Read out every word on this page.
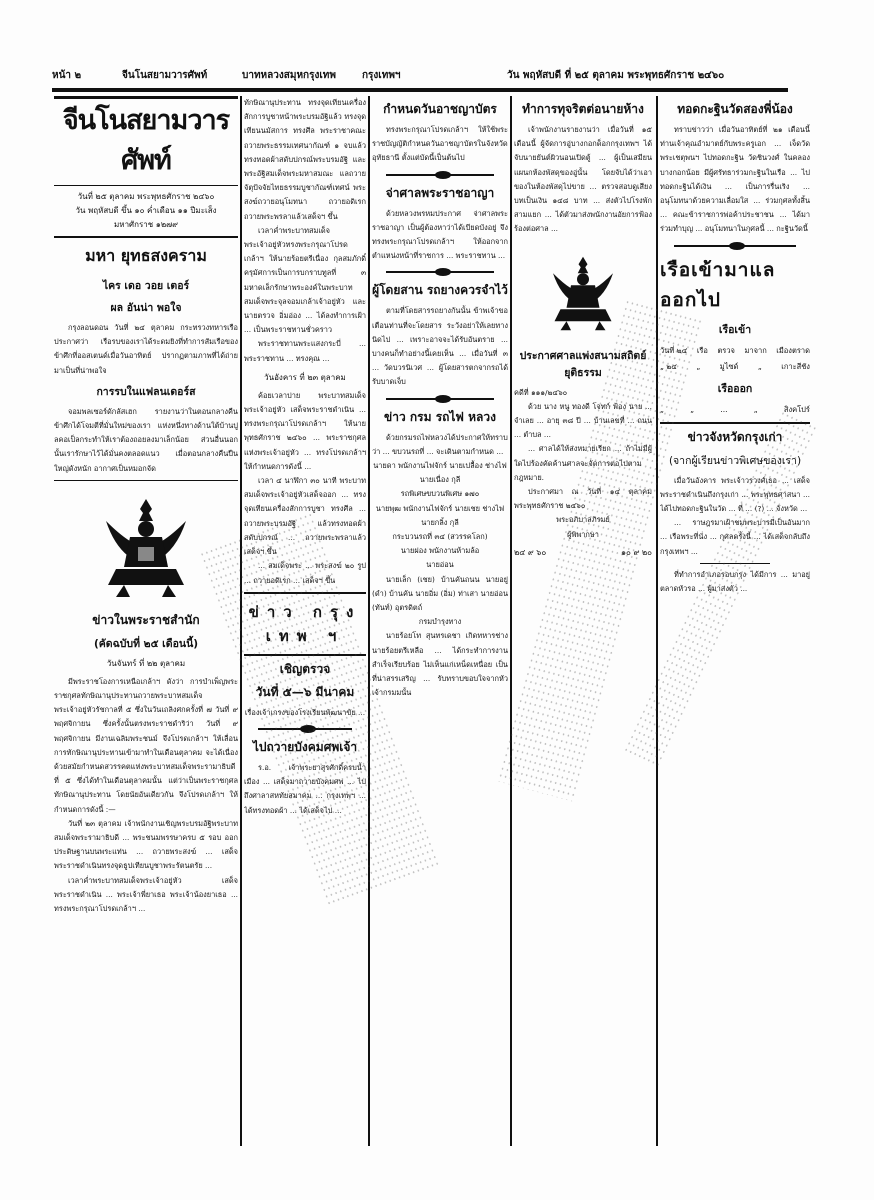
หน้า ๒	จีนโนสยามวารศัพท์	บาทหลวงสมุหกรุงเทพ	กรุงเทพฯ	วัน พฤหัสบดี ที่ ๒๕ ตุลาคม พระพุทธศักราช ๒๔๖๐
จีนโนสยามวารศัพท์
วันที่ ๒๕ ตุลาคม พระพุทธศักราช ๒๔๖๐
วัน พฤหัสบดี ขึ้น ๑๐ ค่ำเดือน ๑๑ ปีมะเส็ง
มหาศักราช ๑๒๗๙
มหา ยุทธสงคราม
ไคร เดอ วอย เตอร์
ผล อันน่า พอใจ

กรุงลอนดอน วันที่ ๒๔ ตุลาคม กระทรวงทหารเรือประกาศว่า เรือรบของเราได้ระดมยิงที่ทำการสัมเรือของข้าศึกที่ออสเตนด์เมื่อวันอาทิตย์ ปรากฏตามภาพที่ได้ถ่ายมาเป็นที่น่าพอใจ

การรบในแฟลนเดอร์ส

จอมพลเซอร์ดักลัสเฮก รายงานว่าในตอนกลางคืนข้าศึกได้โจมตีที่มั่นใหม่ของเรา แห่งหนึ่งทางด้านใต้บ้านปูลคอเป็ลกระทำให้เราต้องถอยลงมาเล็กน้อย ส่วนอื่นนอกนั้นเรารักษาไว้ได้มั่นคงตลอดแนว เมื่อตอนกลางคืนปืนใหญ่ดังหนัก อากาศเป็นหมอกจัด

ข่าวในพระราชสำนัก
(คัดฉบับที่ ๒๕ เดือนนี้)
วันจันทร์ ที่ ๒๒ ตุลาคม

มีพระราชโองการเหนือเกล้าฯ ดังว่า การบำเพ็ญพระราชกุศลทักษิณานุประทานถวายพระบาทสมเด็จพระเจ้าอยู่หัวรัชกาลที่ ๕ ซึ่งในวันเถลิงศกครั้งที่ ๗ วันที่ ๙ พฤศจิกายน ซึ่งครั้งนั้นตรงพระราชดำริว่า วันที่ ๙ พฤศจิกายน มีงานเฉลิมพระชนม์ จึงโปรดเกล้าฯ ให้เลื่อนการทักษิณานุประทานเข้ามาทำในเดือนตุลาคม จะได้เนื่องด้วยสมัยกำหนดสวรรคตแห่งพระบาทสมเด็จพระรามาธิบดีที่ ๕ ซึ่งได้ทำในเดือนตุลาคมนั้น แต่ว่าเป็นพระราชกุศลทักษิณานุประทาน โดยนัยอันเดียวกัน จึงโปรดเกล้าฯ ให้กำหนดการดังนี้ :—

วันที่ ๒๓ ตุลาคม เจ้าพนักงานเชิญพระบรมอัฐิพระบาทสมเด็จพระรามาธิบดี ... พระชนมพรรษาครบ ๕ รอบ ออกประดิษฐานบนพระแท่น ... ถวายพระสงฆ์ ... เสด็จพระราชดำเนินทรงจุดธูปเทียนบูชาพระรัตนตรัย ...

เวลาค่ำพระบาทสมเด็จพระเจ้าอยู่หัว เสด็จพระราชดำเนิน ... พระเจ้าพี่ยาเธอ พระเจ้าน้องยาเธอ ... ทรงพระกรุณาโปรดเกล้าฯ ...

ทักษิณานุประทาน ทรงจุดเทียนเครื่องสักการบูชาหน้าพระบรมอัฐิแล้ว ทรงจุดเทียนนมัสการ ทรงศีล พระราชาคณะถวายพระธรรมเทศนากัณฑ์ ๑ จบแล้ว ทรงทอดผ้าสดับปกรณ์พระบรมอัฐิ และพระอัฐิสมเด็จพระมหาสมณะ แลถวายจัตุปัจจัยไทยธรรมบูชากัณฑ์เทศน์ พระสงฆ์ถวายอนุโมทนา ถวายอดิเรก ถวายพระพรลาแล้วเสด็จฯ ขึ้น

เวลาค่ำพระบาทสมเด็จพระเจ้าอยู่หัวทรงพระกรุณาโปรดเกล้าฯ ให้นายร้อยตรีเนื่อง กุลสมภักดิ์ ครุมัศการเป็นการบกราบทูลที่ ๓ มหาดเล็กรักษาพระองค์ในพระบาทสมเด็จพระจุลจอมเกล้าเจ้าอยู่หัว และนายตรวจ อิ่มอ่อง ... ได้ลงทำการเฝ้า ... เป็นพระราชทานชั่วคราว

พระราชทานพระแสงกระบี่ ... พระราชทาน ... ทรงคุณ ...

วันอังคาร ที่ ๒๓ ตุลาคม

ค้อยเวลาบ่าย พระบาทสมเด็จพระเจ้าอยู่หัว เสด็จพระราชดำเนิน ... ทรงพระกรุณาโปรดเกล้าฯ ให้นายพุทธศักราช ๒๔๖๐ ... พระราชกุศลแห่งพระเจ้าอยู่หัว ... ทรงโปรดเกล้าฯ ให้กำหนดการดังนี้ ...

เวลา ๔ นาฬิกา ๓๐ นาที พระบาทสมเด็จพระเจ้าอยู่หัวเสด็จออก ... ทรงจุดเทียนเครื่องสักการบูชา ทรงศีล ... ถวายพระบรมอัฐิ แล้วทรงทอดผ้าสดับปกรณ์ ... ถวายพระพรลาแล้วเสด็จฯ ขึ้น

... สมเด็จพระ ... พระสงฆ์ ๒๐ รูป ... ถวายอดิเรก ... เสด็จฯ ขึ้น

ข่าว กรุง เทพ ฯ
เชิญตรวจ
วันที่ ๕—๖ มีนาคม

เรื่องเจ้าเกรงของโรงเรียนพัฒนาขัย ...

ไปถวายบังคมศพเจ้า

ร.อ. เจ้าพระยาสุรศักดิ์ครบน้ำเมือง ... เสด็จมาถวายบังคมศพ ... ไปถึงศาลาสหทัยสมาคม ... กรุงเทพฯ ... ได้ทรงทอดผ้า ... ได้เสด็จไป ...

กำหนดวันอาชญาบัตร

ทรงพระกรุณาโปรดเกล้าฯ ให้ใช้พระราชบัญญัติกำหนดวันอาชญาบัตรในจังหวัดอุทัยธานี ตั้งแต่บัดนี้เป็นต้นไป

จ่าศาลพระราชอาญา

ด้วยหลวงพรหมประกาศ จ่าศาลพระราชอาญา เป็นผู้ต้องหาว่าได้เบียดบังอยู่ จึงทรงพระกรุณาโปรดเกล้าฯ ให้ออกจากตำแหน่งหน้าที่ราชการ ... พระราชทาน ...

ผู้โดยสาน รถยางควรจำไว้

ตามที่โดยสารรถยางกันนั้น ข้าพเจ้าขอเตือนท่านที่จะโดยสาร ระวังอย่าให้เลยทางนิดไป ... เพราะอาจจะได้รับอันตราย ... บางคนก็ทำอย่างนี้เคยเห็น ... เมื่อวันที่ ๓ ... วัดบวรนิเวศ ... ผู้โดยสารตกจากรถได้รับบาดเจ็บ

ข่าว กรม รถไฟ หลวง

ด้วยกรมรถไฟหลวงได้ประกาศให้ทราบว่า ... ขบวนรถที่ ... จะเดินตามกำหนด ...

นายดา พนักงานไฟจักร์ นายเปลื้อง ช่างไฟ นายเนื่อง กุลี

รถพิเศษขบวนพิเศษ ๑๗๐

นายพุฒ พนักงานไฟจักร์ นายเชย ช่างไฟ นายกลิ้ง กุลี

กระบวนรถที่ ๓๔ (สวรรคโลก)

นายผ่อง พนักงานห้ามล้อ

นายอ่อน

นายเล็ก (เชย) บ้านคันถนน นายอยู่ (ดำ) บ้านคัน นายอิ่ม (อิ่ม) ท่าเสา นายอ่อน (ทันท์) อุตรดิตถ์

กรมบำรุงทาง

นายร้อยโท สุนทรเดชา เกิดทหารช่าง นายร้อยตรีเหลือ ... ได้กระทำการงานสำเร็จเรียบร้อย ไม่เห็นแก่เหน็ดเหนื่อย เป็นที่น่าสรรเสริญ ... รับทราบขอบใจจากหัวเจ้ากรมมนั้น

ทำการทุจริตต่อนายห้าง

เจ้าพนักงานรายงานว่า เมื่อวันที่ ๑๕ เดือนนี้ ผู้จัดการอู่บางกอกด็อกกรุงเทพฯ ได้จับนายยันต์ผิวนอนเปิดตู้ ... ผู้เป็นเสมียนแผนกห้องพัสดุของอู่นั้น โดยจับได้ว่าเอาของในห้องพัสดุไปขาย ... ตรวจสอบดูเสียงบทเป็นเงิน ๑๔๘ บาท ... ส่งตัวไปโรงพักสามแยก ... ได้ตัวมาส่งพนักงานอัยการฟ้องร้องต่อศาล ...

ประกาศศาลแพ่งสนามสถิตย์ยุติธรรม

คดีที่ ๑๑๑/๒๔๖๐

ด้วย นาง หนู ทองดี โจทก์ ฟ้อง นาย ... จำเลย ... อายุ ๓๘ ปี ... บ้านเลขที่ ... ถนน ... ตำบล ...

... ศาลได้ให้ส่งหมายเรียก ... ถ้าไม่มีผู้ใดไปร้องคัดค้านศาลจะจัดการต่อไปตามกฎหมาย.

ประกาศมา ณ วันที่ ๑๔ ตุลาคม พระพุทธศักราช ๒๔๖๐

พระอภิบาลภิรมย์

ผู้พิพากษา

๒๔ ๙ ๖๐	๑๐ ๙ ๒๐
ทอดกะฐินวัดสองพี่น้อง

ทราบข่าวว่า เมื่อวันอาทิตย์ที่ ๒๑ เดือนนี้ ท่านเจ้าคุณอำมาตย์กับพระครูเอก ... เจ็ดวัดพระเชตุพนฯ ไปทอดกะฐิน วัดชินวงศ์ ในคลองบางกอกน้อย มีผู้ศรัทธาร่วมกะฐินในเรือ ... ไปทอดกะฐินได้เงิน ... เป็นการรื่นเริง ... อนุโมทนาด้วยความเลื่อมใส ... ร่วมกุศลทั้งสิ้น ... คณะข้าราชการพ่อค้าประชาชน ... ได้มาร่วมทำบุญ ... อนุโมทนาในกุศลนี้ ... กะฐินวัดนี้

เรือเข้ามาแลออกไป
เรือเข้า
วันที่ ๒๔ เรือ ตรวจ มาจาก เมืองตราด
„ ๒๔	„	มูไซด์	„	เกาะสีชัง
เรือออก
„	„	...	„	สิงคโปร์
ข่าวจังหวัดกรุงเก่า
(จากผู้เรียนข่าวพิเศษของเรา)

เมื่อวันอังคาร พระเจ้าวรวงศ์เธอ ... เสด็จพระราชดำเนินถึงกรุงเก่า ... พระพุทธศาสนา ... ได้ไปทอดกะฐินในวัด ... ที่ ... (?) ... จังหวัด ...

... ราษฎรมาเฝ้าชมพระบารมีเป็นอันมาก ... เรือพระที่นั่ง ... กุศลครั้งนี้ ... ได้เสด็จกลับถึงกรุงเทพฯ ...

ที่ทำการอำเภอรอบกรุง ได้มีการ ... มาอยู่ตลาดหัวรอ ... ผู้มาส่งตัว ...
